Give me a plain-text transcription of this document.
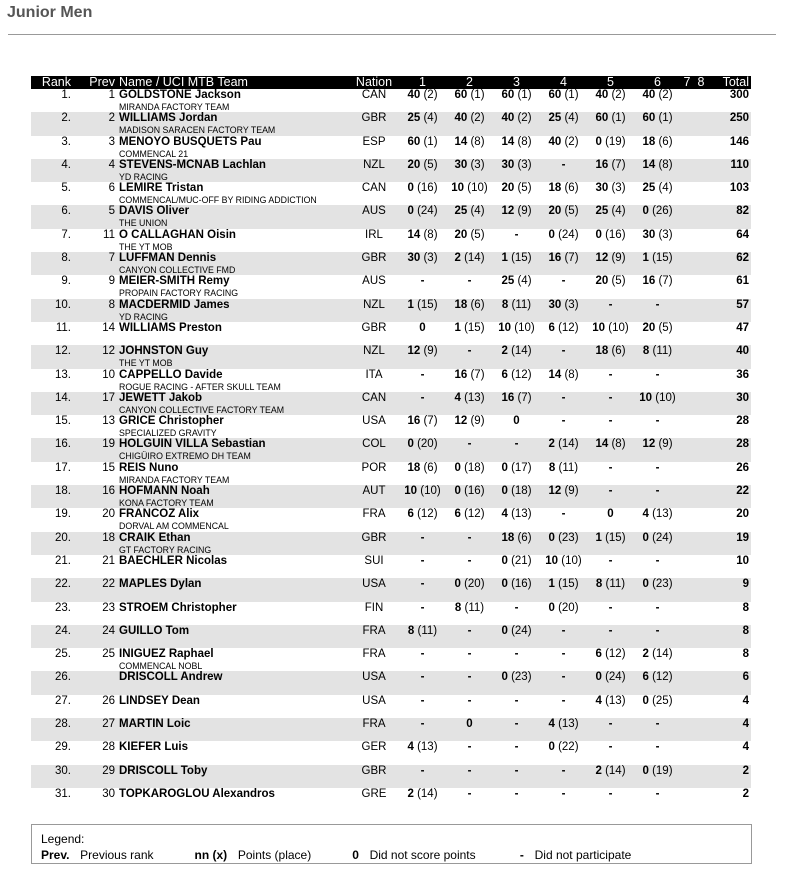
Junior Men
Rank	Prev	Name / UCI MTB Team	Nation	1	2	3	4	5	6	7	8	Total
1.	1	GOLDSTONE Jackson
MIRANDA FACTORY TEAM	CAN	40 (2)	60 (1)	60 (1)	60 (1)	40 (2)	40 (2)			300
2.	2	WILLIAMS Jordan
MADISON SARACEN FACTORY TEAM	GBR	25 (4)	40 (2)	40 (2)	25 (4)	60 (1)	60 (1)			250
3.	3	MENOYO BUSQUETS Pau
COMMENCAL 21	ESP	60 (1)	14 (8)	14 (8)	40 (2)	0 (19)	18 (6)			146
4.	4	STEVENS-MCNAB Lachlan
YD RACING	NZL	20 (5)	30 (3)	30 (3)	-	16 (7)	14 (8)			110
5.	6	LEMIRE Tristan
COMMENCAL/MUC-OFF BY RIDING ADDICTION	CAN	0 (16)	10 (10)	20 (5)	18 (6)	30 (3)	25 (4)			103
6.	5	DAVIS Oliver
THE UNION	AUS	0 (24)	25 (4)	12 (9)	20 (5)	25 (4)	0 (26)			82
7.	11	O CALLAGHAN Oisin
THE YT MOB	IRL	14 (8)	20 (5)	-	0 (24)	0 (16)	30 (3)			64
8.	7	LUFFMAN Dennis
CANYON COLLECTIVE FMD	GBR	30 (3)	2 (14)	1 (15)	16 (7)	12 (9)	1 (15)			62
9.	9	MEIER-SMITH Remy
PROPAIN FACTORY RACING	AUS	-	-	25 (4)	-	20 (5)	16 (7)			61
10.	8	MACDERMID James
YD RACING	NZL	1 (15)	18 (6)	8 (11)	30 (3)	-	-			57
11.	14	WILLIAMS Preston	GBR	0	1 (15)	10 (10)	6 (12)	10 (10)	20 (5)			47
12.	12	JOHNSTON Guy
THE YT MOB	NZL	12 (9)	-	2 (14)	-	18 (6)	8 (11)			40
13.	10	CAPPELLO Davide
ROGUE RACING - AFTER SKULL TEAM	ITA	-	16 (7)	6 (12)	14 (8)	-	-			36
14.	17	JEWETT Jakob
CANYON COLLECTIVE FACTORY TEAM	CAN	-	4 (13)	16 (7)	-	-	10 (10)			30
15.	13	GRICE Christopher
SPECIALIZED GRAVITY	USA	16 (7)	12 (9)	0	-	-	-			28
16.	19	HOLGUIN VILLA Sebastian
CHIGÜIRO EXTREMO DH TEAM	COL	0 (20)	-	-	2 (14)	14 (8)	12 (9)			28
17.	15	REIS Nuno
MIRANDA FACTORY TEAM	POR	18 (6)	0 (18)	0 (17)	8 (11)	-	-			26
18.	16	HOFMANN Noah
KONA FACTORY TEAM	AUT	10 (10)	0 (16)	0 (18)	12 (9)	-	-			22
19.	20	FRANCOZ Alix
DORVAL AM COMMENCAL	FRA	6 (12)	6 (12)	4 (13)	-	0	4 (13)			20
20.	18	CRAIK Ethan
GT FACTORY RACING	GBR	-	-	18 (6)	0 (23)	1 (15)	0 (24)			19
21.	21	BAECHLER Nicolas	SUI	-	-	0 (21)	10 (10)	-	-			10
22.	22	MAPLES Dylan	USA	-	0 (20)	0 (16)	1 (15)	8 (11)	0 (23)			9
23.	23	STROEM Christopher	FIN	-	8 (11)	-	0 (20)	-	-			8
24.	24	GUILLO Tom	FRA	8 (11)	-	0 (24)	-	-	-			8
25.	25	INIGUEZ Raphael
COMMENCAL NOBL	FRA	-	-	-	-	6 (12)	2 (14)			8
26.		DRISCOLL Andrew	USA	-	-	0 (23)	-	0 (24)	6 (12)			6
27.	26	LINDSEY Dean	USA	-	-	-	-	4 (13)	0 (25)			4
28.	27	MARTIN Loic	FRA	-	0	-	4 (13)	-	-			4
29.	28	KIEFER Luis	GER	4 (13)	-	-	0 (22)	-	-			4
30.	29	DRISCOLL Toby	GBR	-	-	-	-	2 (14)	0 (19)			2
31.	30	TOPKAROGLOU Alexandros	GRE	2 (14)	-	-	-	-	-			2
Legend:
Prev. Previous rank	nn (x) Points (place)	0 Did not score points	- Did not participate
